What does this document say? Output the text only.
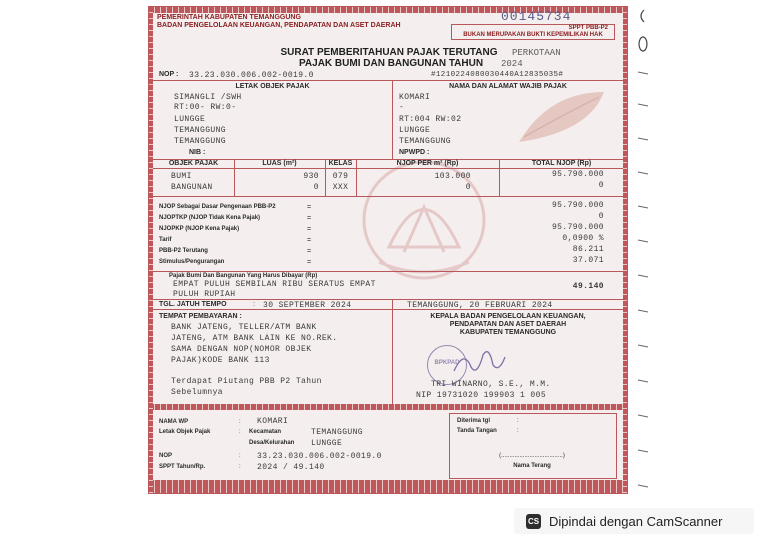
PEMERINTAH KABUPATEN TEMANGGUNG
BADAN PENGELOLAAN KEUANGAN, PENDAPATAN DAN ASET DAERAH
00145734
SPPT PBB-P2
BUKAN MERUPAKAN BUKTI KEPEMILIKAN HAK
SURAT PEMBERITAHUAN PAJAK TERUTANG	PERKOTAAN
PAJAK BUMI DAN BANGUNAN TAHUN 2024
NOP : 33.23.030.006.002-0019.0	#1210224080030440A12835035#
LETAK OBJEK PAJAK
SIMANGLI /SWH
RT:00- RW:0-
LUNGGE
TEMANGGUNG
TEMANGGUNG
NIB :
NAMA DAN ALAMAT WAJIB PAJAK
KOMARI
-
RT:004 RW:02
LUNGGE
TEMANGGUNG
NPWPD :
OBJEK PAJAK	LUAS (m²)	KELAS	NJOP PER m² (Rp)	TOTAL NJOP (Rp)
BUMI	930	079	103.000	95.790.000
BANGUNAN	0	XXX	0	0
NJOP Sebagai Dasar Pengenaan PBB-P2	=	95.790.000
NJOPTKP (NJOP Tidak Kena Pajak)	=	0
NJOPKP (NJOP Kena Pajak)	=	95.790.000
Tarif	=	0,0900 %
PBB-P2 Terutang	=	86.211
Stimulus/Pengurangan	=	37.071
Pajak Bumi Dan Bangunan Yang Harus Dibayar (Rp)
EMPAT PULUH SEMBILAN RIBU SERATUS EMPAT
PULUH RUPIAH
49.140
TGL. JATUH TEMPO	: 30 SEPTEMBER 2024	TEMANGGUNG, 20 FEBRUARI 2024
TEMPAT PEMBAYARAN :
BANK JATENG, TELLER/ATM BANK
JATENG, ATM BANK LAIN KE NO.REK.
SAMA DENGAN NOP(NOMOR OBJEK
PAJAK)KODE BANK 113
Terdapat Piutang PBB P2 Tahun
Sebelumnya
KEPALA BADAN PENGELOLAAN KEUANGAN,
PENDAPATAN DAN ASET DAERAH
KABUPATEN TEMANGGUNG
BPKPAD
TRI WINARNO, S.E., M.M.
NIP 19731020 199903 1 005
NAMA WP	: KOMARI
Letak Objek Pajak	: Kecamatan	TEMANGGUNG
Desa/Kelurahan LUNGGE
NOP	: 33.23.030.006.002-0019.0
SPPT Tahun/Rp.	: 2024 / 49.140
Diterima tgl	:
Tanda Tangan	:
(.....................................)
Nama Terang
CS Dipindai dengan CamScanner
